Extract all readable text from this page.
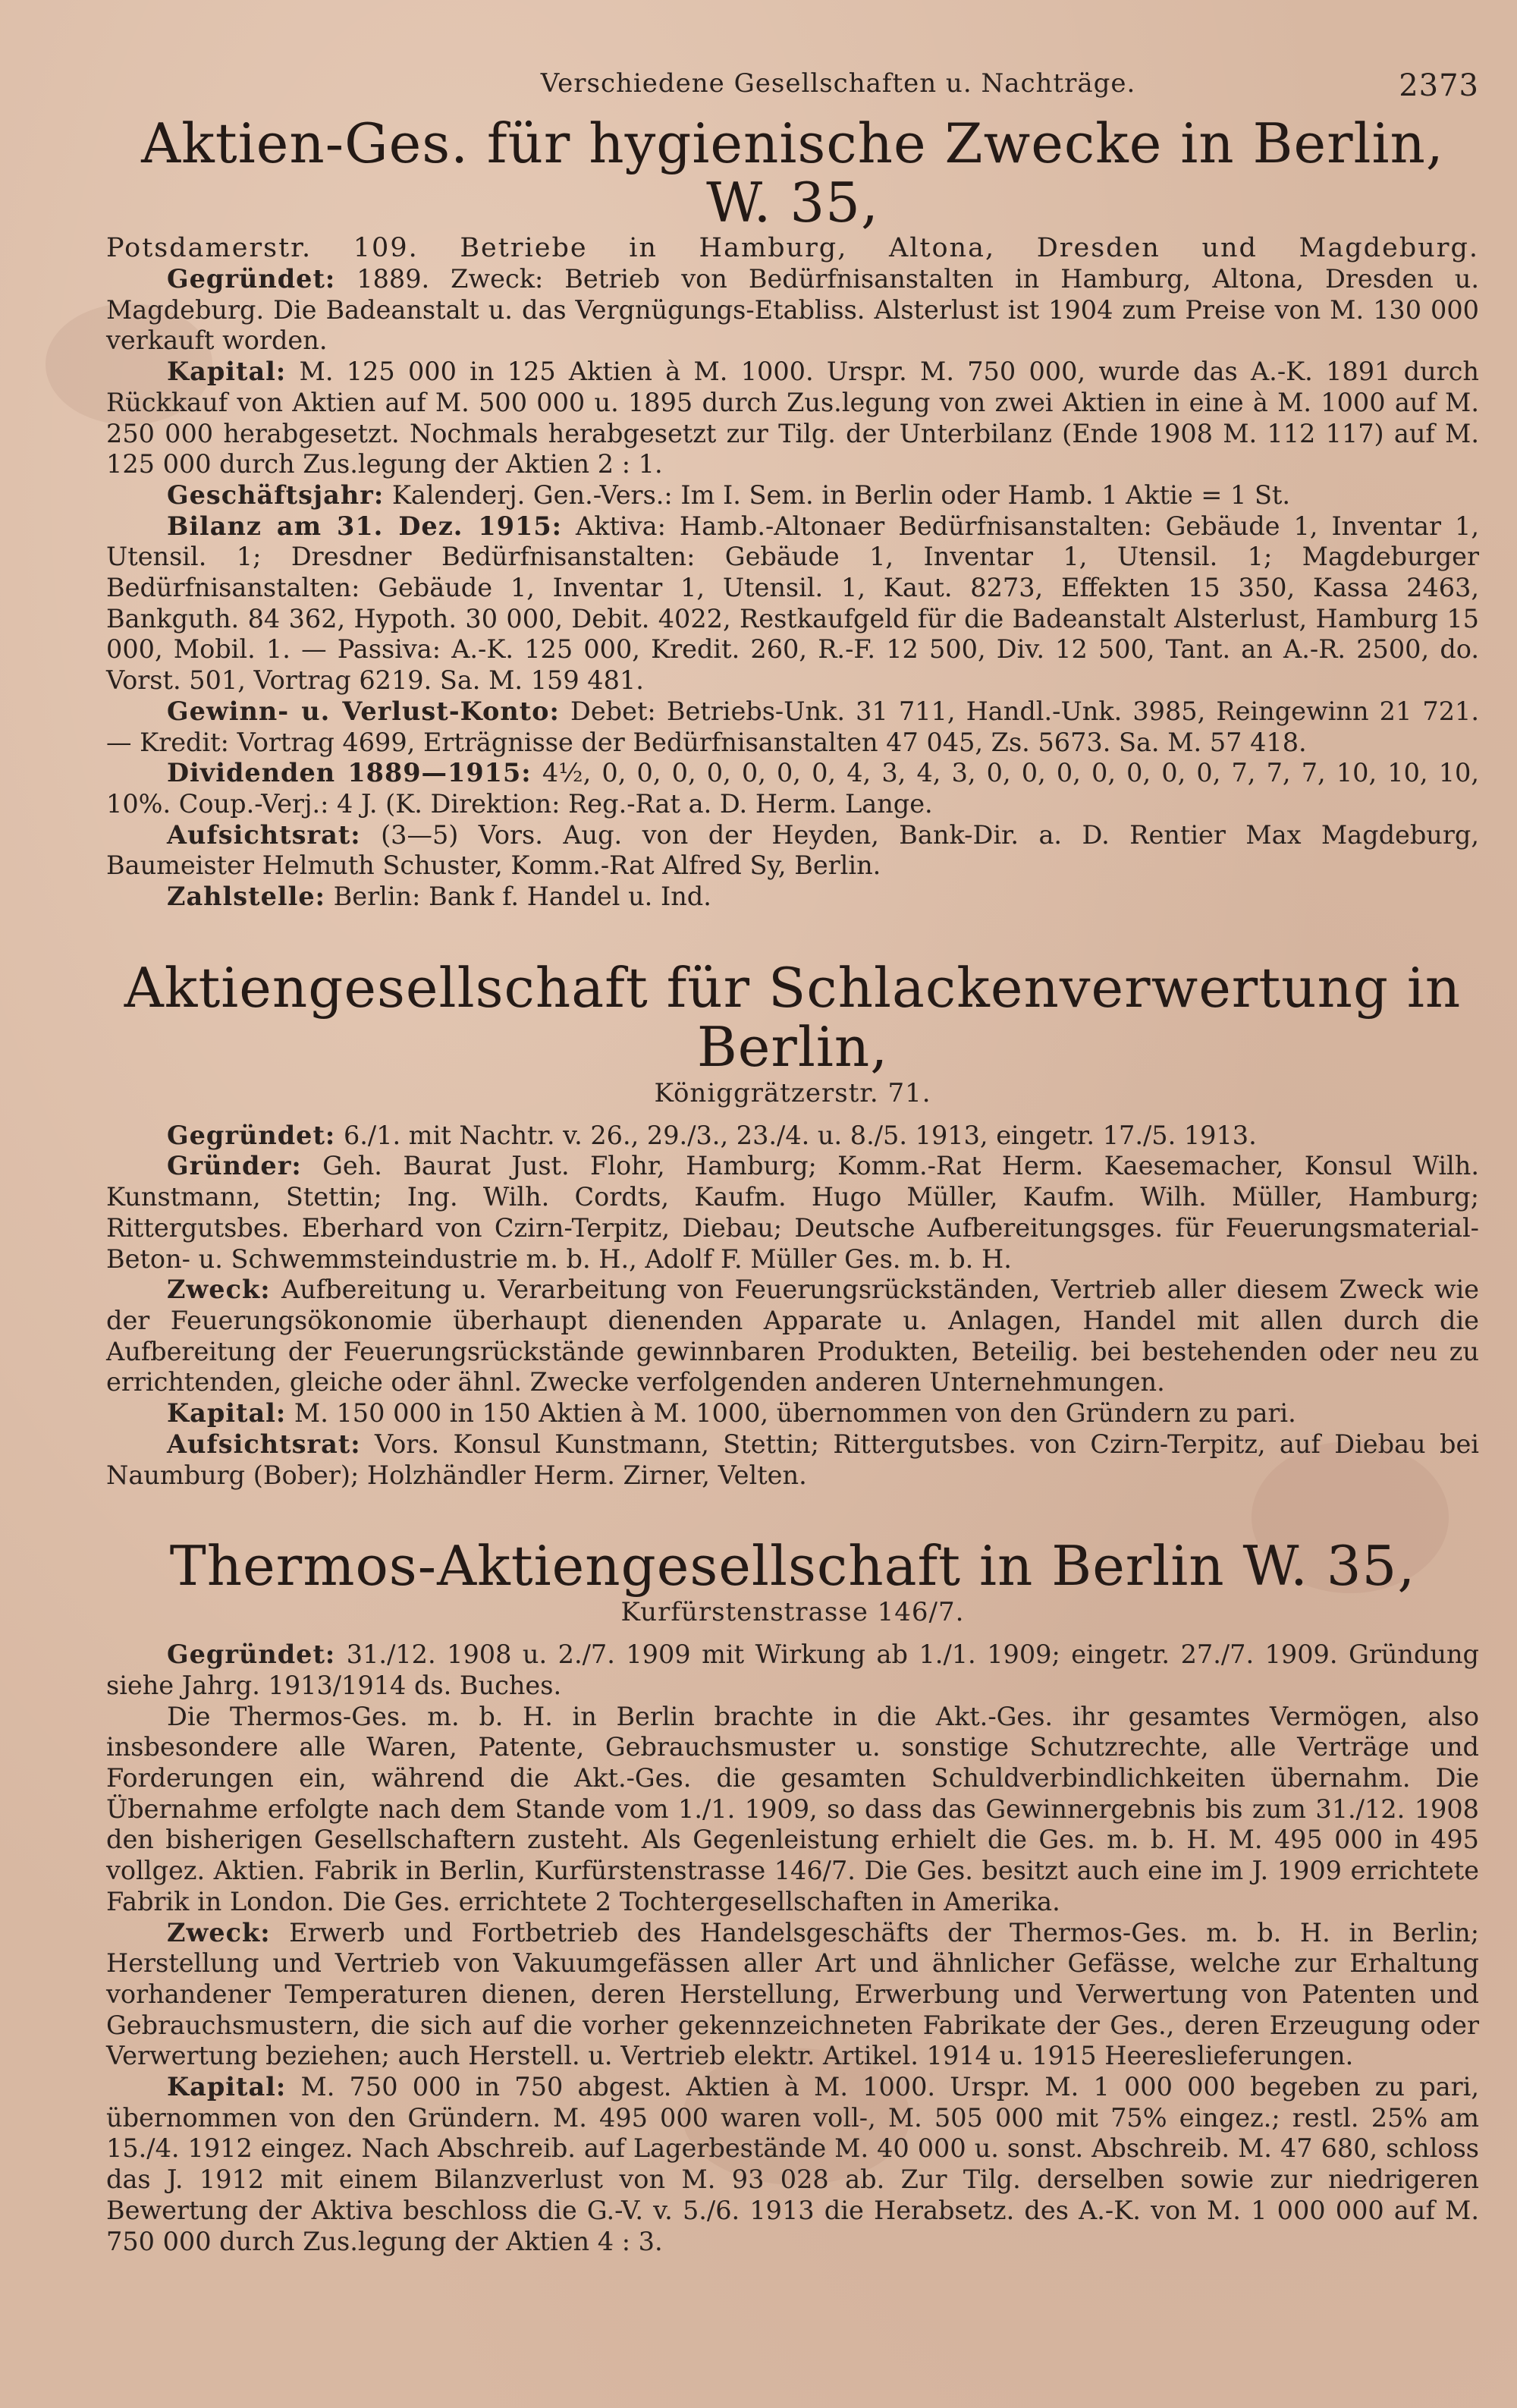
Verschiedene Gesellschaften u. Nachträge.	2373
Aktien-Ges. für hygienische Zwecke in Berlin, W. 35,
Potsdamerstr. 109. Betriebe in Hamburg, Altona, Dresden und Magdeburg.

Gegründet: 1889. Zweck: Betrieb von Bedürfnisanstalten in Hamburg, Altona, Dresden u. Magdeburg. Die Badeanstalt u. das Vergnügungs-Etabliss. Alsterlust ist 1904 zum Preise von M. 130 000 verkauft worden.

Kapital: M. 125 000 in 125 Aktien à M. 1000. Urspr. M. 750 000, wurde das A.-K. 1891 durch Rückkauf von Aktien auf M. 500 000 u. 1895 durch Zus.legung von zwei Aktien in eine à M. 1000 auf M. 250 000 herabgesetzt. Nochmals herabgesetzt zur Tilg. der Unterbilanz (Ende 1908 M. 112 117) auf M. 125 000 durch Zus.legung der Aktien 2 : 1.

Geschäftsjahr: Kalenderj. Gen.-Vers.: Im I. Sem. in Berlin oder Hamb. 1 Aktie = 1 St.

Bilanz am 31. Dez. 1915: Aktiva: Hamb.-Altonaer Bedürfnisanstalten: Gebäude 1, Inventar 1, Utensil. 1; Dresdner Bedürfnisanstalten: Gebäude 1, Inventar 1, Utensil. 1; Magdeburger Bedürfnisanstalten: Gebäude 1, Inventar 1, Utensil. 1, Kaut. 8273, Effekten 15 350, Kassa 2463, Bankguth. 84 362, Hypoth. 30 000, Debit. 4022, Restkaufgeld für die Badeanstalt Alsterlust, Hamburg 15 000, Mobil. 1. — Passiva: A.-K. 125 000, Kredit. 260, R.-F. 12 500, Div. 12 500, Tant. an A.-R. 2500, do. Vorst. 501, Vortrag 6219. Sa. M. 159 481.

Gewinn- u. Verlust-Konto: Debet: Betriebs-Unk. 31 711, Handl.-Unk. 3985, Reingewinn 21 721. — Kredit: Vortrag 4699, Erträgnisse der Bedürfnisanstalten 47 045, Zs. 5673. Sa. M. 57 418.

Dividenden 1889—1915: 4½, 0, 0, 0, 0, 0, 0, 0, 4, 3, 4, 3, 0, 0, 0, 0, 0, 0, 0, 7, 7, 7, 10, 10, 10, 10%. Coup.-Verj.: 4 J. (K. Direktion: Reg.-Rat a. D. Herm. Lange.

Aufsichtsrat: (3—5) Vors. Aug. von der Heyden, Bank-Dir. a. D. Rentier Max Magdeburg, Baumeister Helmuth Schuster, Komm.-Rat Alfred Sy, Berlin.

Zahlstelle: Berlin: Bank f. Handel u. Ind.

Aktiengesellschaft für Schlackenverwertung in Berlin,
Königgrätzerstr. 71.

Gegründet: 6./1. mit Nachtr. v. 26., 29./3., 23./4. u. 8./5. 1913, eingetr. 17./5. 1913.

Gründer: Geh. Baurat Just. Flohr, Hamburg; Komm.-Rat Herm. Kaesemacher, Konsul Wilh. Kunstmann, Stettin; Ing. Wilh. Cordts, Kaufm. Hugo Müller, Kaufm. Wilh. Müller, Hamburg; Rittergutsbes. Eberhard von Czirn-Terpitz, Diebau; Deutsche Aufbereitungsges. für Feuerungsmaterial-Beton- u. Schwemmsteindustrie m. b. H., Adolf F. Müller Ges. m. b. H.

Zweck: Aufbereitung u. Verarbeitung von Feuerungsrückständen, Vertrieb aller diesem Zweck wie der Feuerungsökonomie überhaupt dienenden Apparate u. Anlagen, Handel mit allen durch die Aufbereitung der Feuerungsrückstände gewinnbaren Produkten, Beteilig. bei bestehenden oder neu zu errichtenden, gleiche oder ähnl. Zwecke verfolgenden anderen Unternehmungen.

Kapital: M. 150 000 in 150 Aktien à M. 1000, übernommen von den Gründern zu pari.

Aufsichtsrat: Vors. Konsul Kunstmann, Stettin; Rittergutsbes. von Czirn-Terpitz, auf Diebau bei Naumburg (Bober); Holzhändler Herm. Zirner, Velten.

Thermos-Aktiengesellschaft in Berlin W. 35,
Kurfürstenstrasse 146/7.

Gegründet: 31./12. 1908 u. 2./7. 1909 mit Wirkung ab 1./1. 1909; eingetr. 27./7. 1909. Gründung siehe Jahrg. 1913/1914 ds. Buches.

Die Thermos-Ges. m. b. H. in Berlin brachte in die Akt.-Ges. ihr gesamtes Vermögen, also insbesondere alle Waren, Patente, Gebrauchsmuster u. sonstige Schutzrechte, alle Verträge und Forderungen ein, während die Akt.-Ges. die gesamten Schuldverbindlichkeiten übernahm. Die Übernahme erfolgte nach dem Stande vom 1./1. 1909, so dass das Gewinnergebnis bis zum 31./12. 1908 den bisherigen Gesellschaftern zusteht. Als Gegenleistung erhielt die Ges. m. b. H. M. 495 000 in 495 vollgez. Aktien. Fabrik in Berlin, Kurfürstenstrasse 146/7. Die Ges. besitzt auch eine im J. 1909 errichtete Fabrik in London. Die Ges. errichtete 2 Tochtergesellschaften in Amerika.

Zweck: Erwerb und Fortbetrieb des Handelsgeschäfts der Thermos-Ges. m. b. H. in Berlin; Herstellung und Vertrieb von Vakuumgefässen aller Art und ähnlicher Gefässe, welche zur Erhaltung vorhandener Temperaturen dienen, deren Herstellung, Erwerbung und Verwertung von Patenten und Gebrauchsmustern, die sich auf die vorher gekennzeichneten Fabrikate der Ges., deren Erzeugung oder Verwertung beziehen; auch Herstell. u. Vertrieb elektr. Artikel. 1914 u. 1915 Heereslieferungen.

Kapital: M. 750 000 in 750 abgest. Aktien à M. 1000. Urspr. M. 1 000 000 begeben zu pari, übernommen von den Gründern. M. 495 000 waren voll-, M. 505 000 mit 75% eingez.; restl. 25% am 15./4. 1912 eingez. Nach Abschreib. auf Lagerbestände M. 40 000 u. sonst. Abschreib. M. 47 680, schloss das J. 1912 mit einem Bilanzverlust von M. 93 028 ab. Zur Tilg. derselben sowie zur niedrigeren Bewertung der Aktiva beschloss die G.-V. v. 5./6. 1913 die Herabsetz. des A.-K. von M. 1 000 000 auf M. 750 000 durch Zus.legung der Aktien 4 : 3.
